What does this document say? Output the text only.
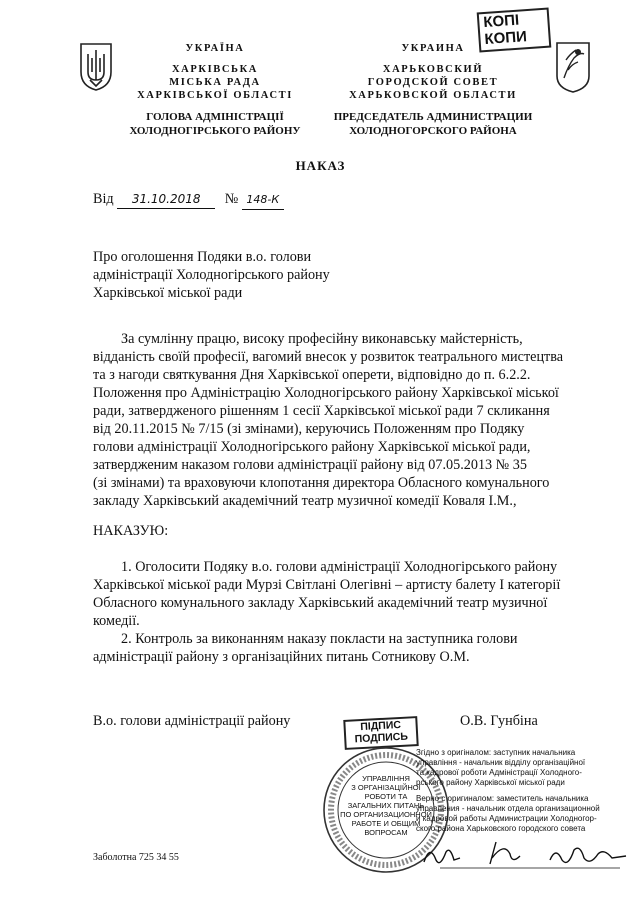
УКРАЇНА
ХАРКІВСЬКА
МІСЬКА РАДА
ХАРКІВСЬКОЇ ОБЛАСТІ
ГОЛОВА АДМІНІСТРАЦІЇ
ХОЛОДНОГІРСЬКОГО РАЙОНУ
УКРАИНА
ХАРЬКОВСКИЙ
ГОРОДСКОЙ СОВЕТ
ХАРЬКОВСКОЙ ОБЛАСТИ
ПРЕДСЕДАТЕЛЬ АДМИНИСТРАЦИИ
ХОЛОДНОГОРСКОГО РАЙОНА
КОПІ
КОПИ
НАКАЗ
Від 31.10.2018 № 148-К
Про оголошення Подяки в.о. голови
адміністрації Холодногірського району
Харківської міської ради
За сумлінну працю, високу професійну виконавську майстерність,
відданість своїй професії, вагомий внесок у розвиток театрального мистецтва
та з нагоди святкування Дня Харківської оперети, відповідно до п. 6.2.2.
Положення про Адміністрацію Холодногірського району Харківської міської
ради, затвердженого рішенням 1 сесії Харківської міської ради 7 скликання
від 20.11.2015 № 7/15 (зі змінами), керуючись Положенням про Подяку
голови адміністрації Холодногірського району Харківської міської ради,
затвердженим наказом голови адміністрації району від 07.05.2013 № 35
(зі змінами) та враховуючи клопотання директора Обласного комунального
закладу Харківський академічний театр музичної комедії Коваля І.М.,
НАКАЗУЮ:
1. Оголосити Подяку в.о. голови адміністрації Холодногірського району
Харківської міської ради Мурзі Світлані Олегівні – артисту балету І категорії
Обласного комунального закладу Харківський академічний театр музичної
комедії.
2. Контроль за виконанням наказу покласти на заступника голови
адміністрації району з організаційних питань Сотникову О.М.
В.о. голови адміністрації району	О.В. Гунбіна
ПІДПИС
ПОДПИСЬ
УПРАВЛІННЯ
З ОРГАНІЗАЦІЙНОЇ
РОБОТИ ТА
ЗАГАЛЬНИХ ПИТАНЬ
ПО ОРГАНИЗАЦИОННОЙ
РАБОТЕ И ОБЩИМ
ВОПРОСАМ
Згідно з оригіналом: заступник начальника
управління - начальник відділу організаційної
та кадрової роботи Адміністрації Холодного-
рського району Харківської міської ради
Верно с оригиналом: заместитель начальника
управления - начальник отдела организационной
и кадровой работы Администрации Холодногор-
ского района Харьковского городского совета
Заболотна 725 34 55
